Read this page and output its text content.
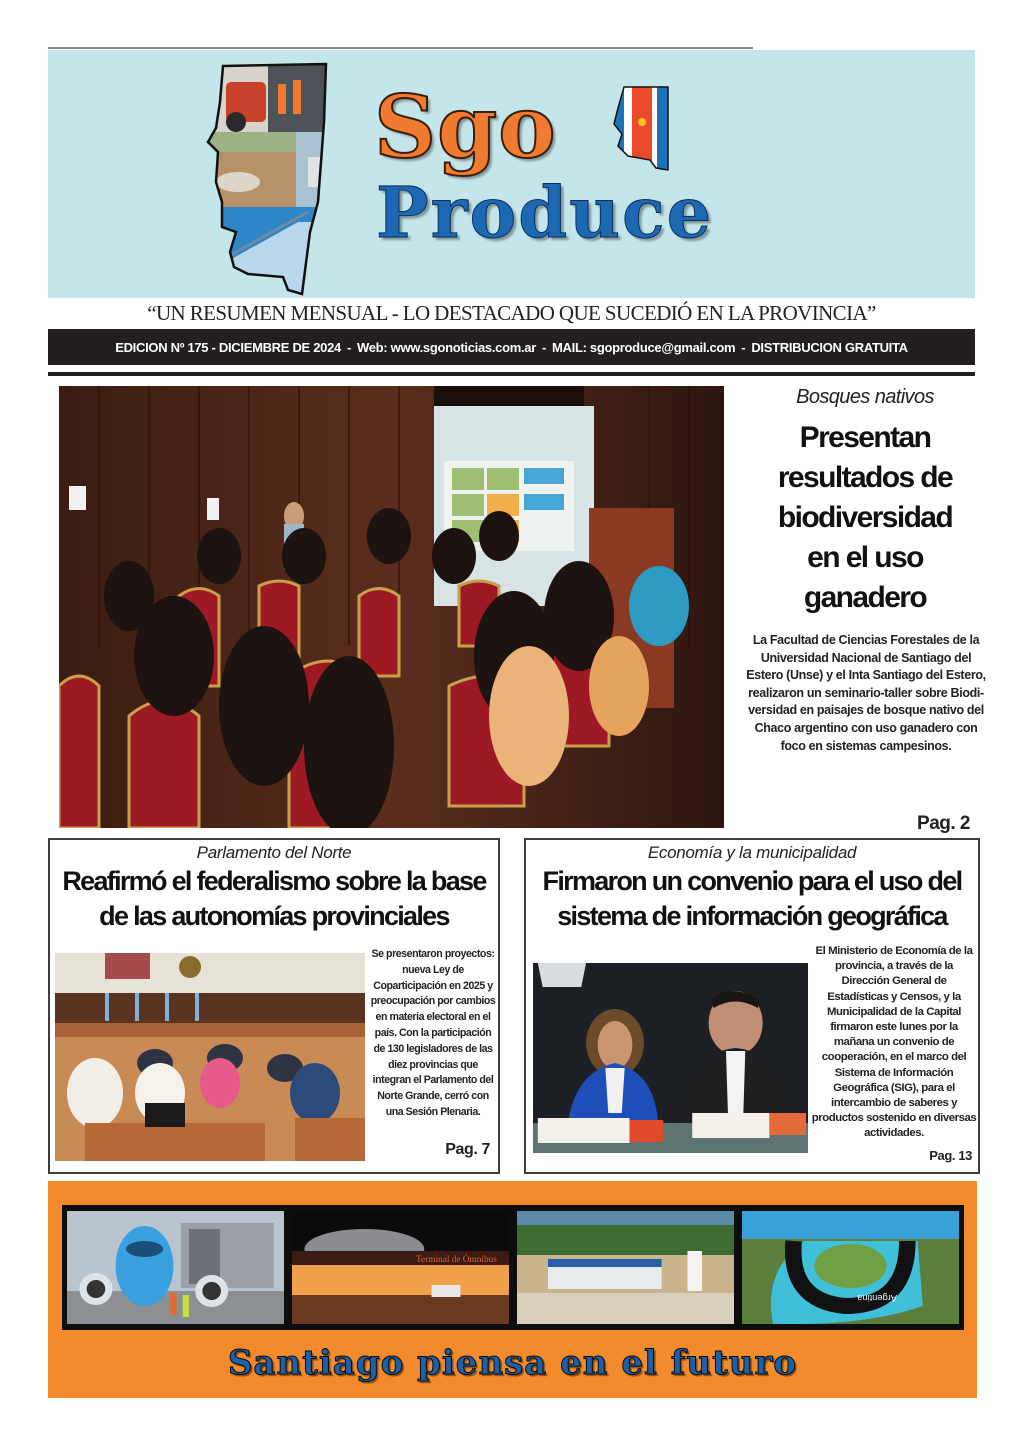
Sgo
Produce
“UN RESUMEN MENSUAL - LO DESTACADO QUE SUCEDIÓ EN LA PROVINCIA”
EDICION Nº 175 - DICIEMBRE DE 2024 - Web: www.sgonoticias.com.ar - MAIL: sgoproduce@gmail.com - DISTRIBUCION GRATUITA
Bosques nativos
Presentan
resultados de
biodiversidad
en el uso
ganadero

La Facultad de Ciencias Forestales de la Universidad Nacional de Santiago del Estero (Unse) y el Inta Santiago del Estero, realizaron un seminario-taller sobre Biodi-versidad en paisajes de bosque nativo del Chaco argentino con uso ganadero con foco en sistemas campesinos.

Pag. 2
Parlamento del Norte
Reafirmó el federalismo sobre la base
de las autonomías provinciales

Se presentaron proyectos: nueva Ley de Coparticipación en 2025 y preocupación por cambios en materia electoral en el país. Con la participación de 130 legisladores de las diez provincias que integran el Parlamento del Norte Grande, cerró con una Sesión Plenaria.

Pag. 7
Economía y la municipalidad
Firmaron un convenio para el uso del
sistema de información geográfica

El Ministerio de Economía de la provincia, a través de la Dirección General de Estadísticas y Censos, y la Municipalidad de la Capital firmaron este lunes por la mañana un convenio de cooperación, en el marco del Sistema de Información Geográfica (SIG), para el intercambio de saberes y productos sostenido en diversas actividades.

Pag. 13
Terminal de Ómnibus
Argentina
Santiago piensa en el futuro
